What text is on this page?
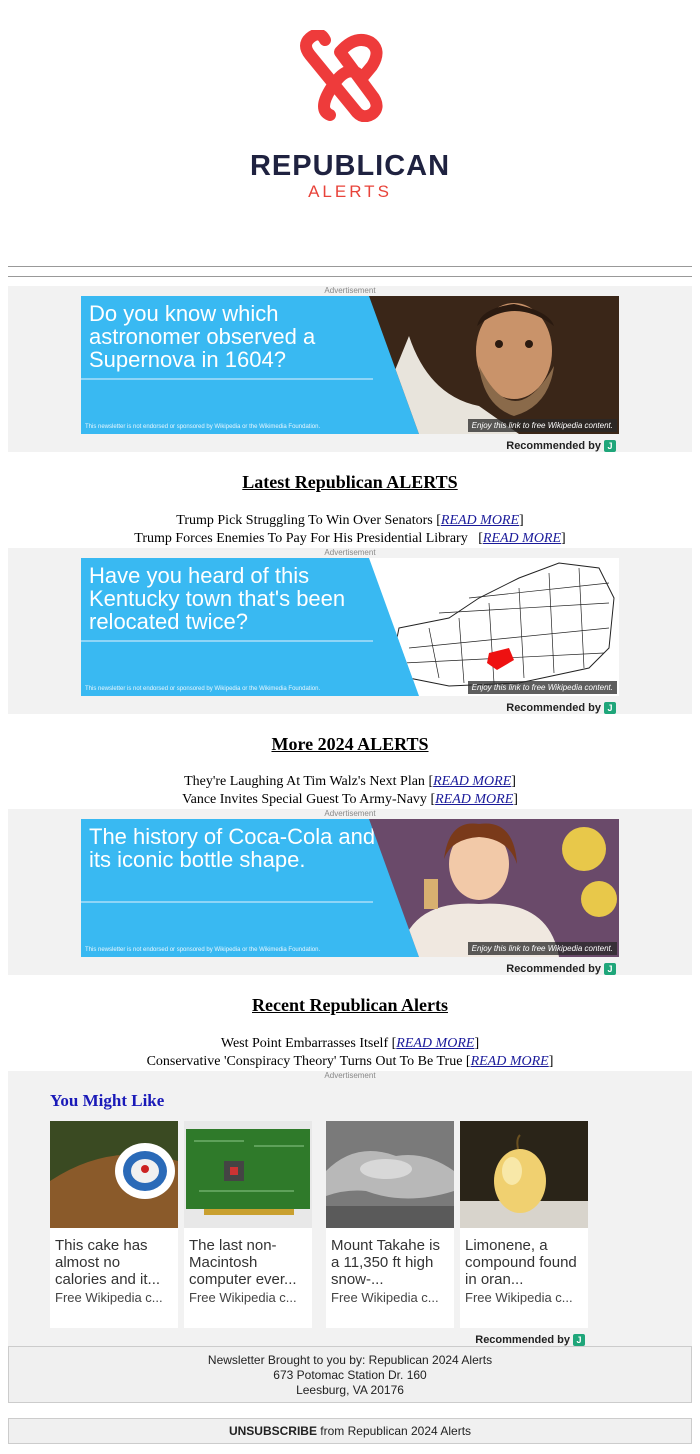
REPUBLICAN
ALERTS
Advertisement
Do you know which astronomer observed a Supernova in 1604?
This newsletter is not endorsed or sponsored by Wikipedia or the Wikimedia Foundation.	Enjoy this link to free Wikipedia content.
Recommended by J
Latest Republican ALERTS
Trump Pick Struggling To Win Over Senators [READ MORE]
Trump Forces Enemies To Pay For His Presidential Library   [READ MORE]
Advertisement
Have you heard of this Kentucky town that's been relocated twice?
This newsletter is not endorsed or sponsored by Wikipedia or the Wikimedia Foundation.	Enjoy this link to free Wikipedia content.
Recommended by J
More 2024 ALERTS
They're Laughing At Tim Walz's Next Plan [READ MORE]
Vance Invites Special Guest To Army-Navy [READ MORE]
Advertisement
The history of Coca-Cola and its iconic bottle shape.
This newsletter is not endorsed or sponsored by Wikipedia or the Wikimedia Foundation.	Enjoy this link to free Wikipedia content.
Recommended by J
Recent Republican Alerts
West Point Embarrasses Itself [READ MORE]
Conservative 'Conspiracy Theory' Turns Out To Be True [READ MORE]
Advertisement
You Might Like
This cake has almost no calories and it...
Free Wikipedia c...
The last non-Macintosh computer ever...
Free Wikipedia c...
Mount Takahe is a 11,350 ft high snow-...
Free Wikipedia c...
Limonene, a compound found in oran...
Free Wikipedia c...
Recommended by J
Newsletter Brought to you by: Republican 2024 Alerts
673 Potomac Station Dr. 160
Leesburg, VA 20176
UNSUBSCRIBE from Republican 2024 Alerts
